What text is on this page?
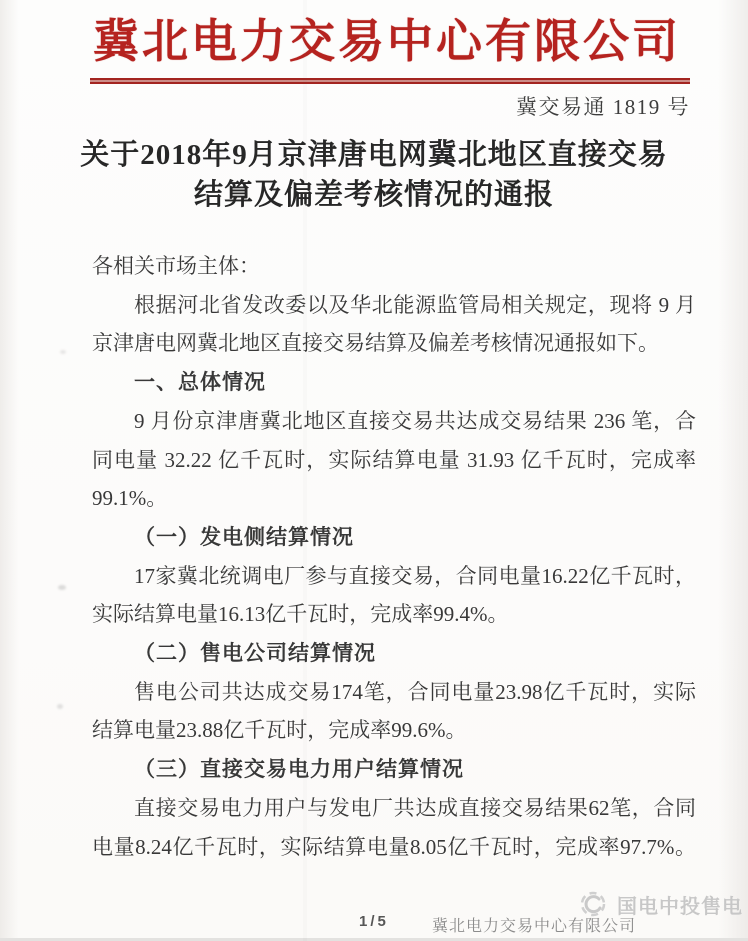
冀北电力交易中心有限公司
冀交易通 1819 号
关于2018年9月京津唐电网冀北地区直接交易
结算及偏差考核情况的通报
各相关市场主体：
根据河北省发改委以及华北能源监管局相关规定，现将 9 月
京津唐电网冀北地区直接交易结算及偏差考核情况通报如下。
一、总体情况
9 月份京津唐冀北地区直接交易共达成交易结果 236 笔，合
同电量 32.22 亿千瓦时，实际结算电量 31.93 亿千瓦时，完成率
99.1%。
（一）发电侧结算情况
17家冀北统调电厂参与直接交易，合同电量16.22亿千瓦时，
实际结算电量16.13亿千瓦时，完成率99.4%。
（二）售电公司结算情况
售电公司共达成交易174笔，合同电量23.98亿千瓦时，实际
结算电量23.88亿千瓦时，完成率99.6%。
（三）直接交易电力用户结算情况
直接交易电力用户与发电厂共达成直接交易结果62笔，合同
电量8.24亿千瓦时，实际结算电量8.05亿千瓦时，完成率97.7%。
1/5	冀北电力交易中心有限公司
国电中投售电
